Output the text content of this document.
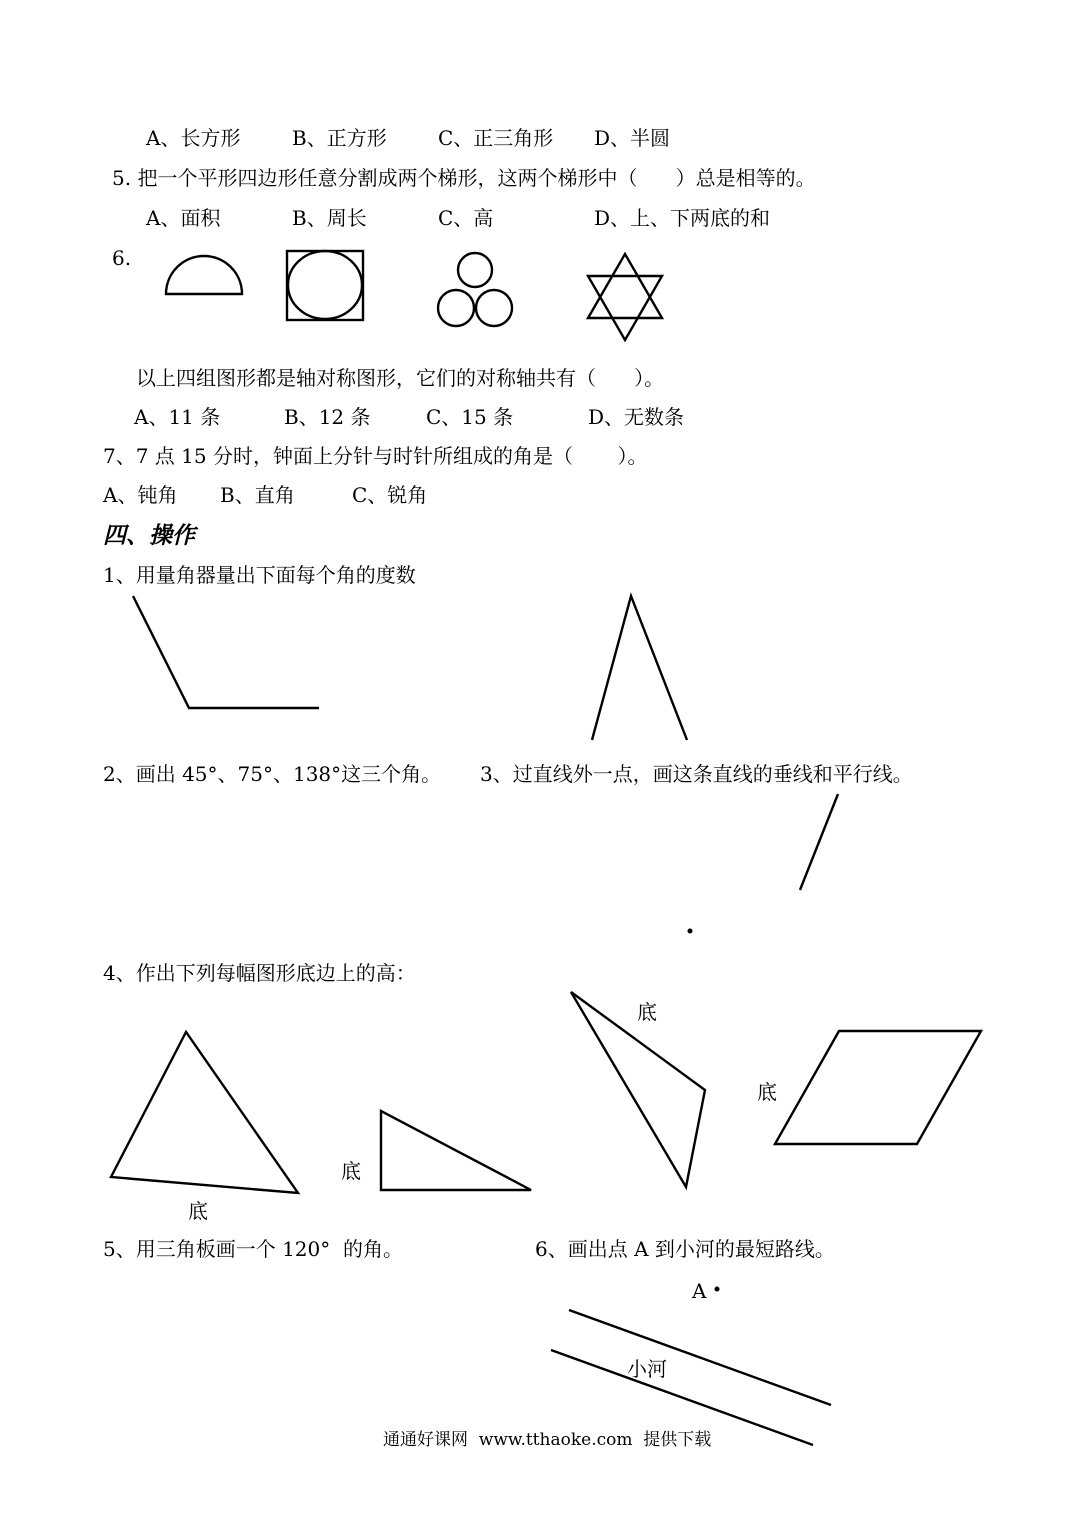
A、长方形	B、正方形	C、正三角形 D、半圆
5. 把一个平形四边形任意分割成两个梯形，这两个梯形中（      ）总是相等的。
A、面积	B、周长	C、高	D、上、下两底的和
6.
以上四组图形都是轴对称图形，它们的对称轴共有（      ）。
A、11 条	B、12 条	C、15 条	D、无数条
7、7 点 15 分时，钟面上分针与时针所组成的角是（       ）。
A、钝角 B、直角	C、锐角
四、操作
1、用量角器量出下面每个角的度数
2、画出 45°、75°、138°这三个角。 3、过直线外一点，画这条直线的垂线和平行线。
4、作出下列每幅图形底边上的高：
5、用三角板画一个 120°  的角。	6、画出点 A 到小河的最短路线。
底
底
底
底
A
小河
通通好课网  www.tthaoke.com  提供下载
